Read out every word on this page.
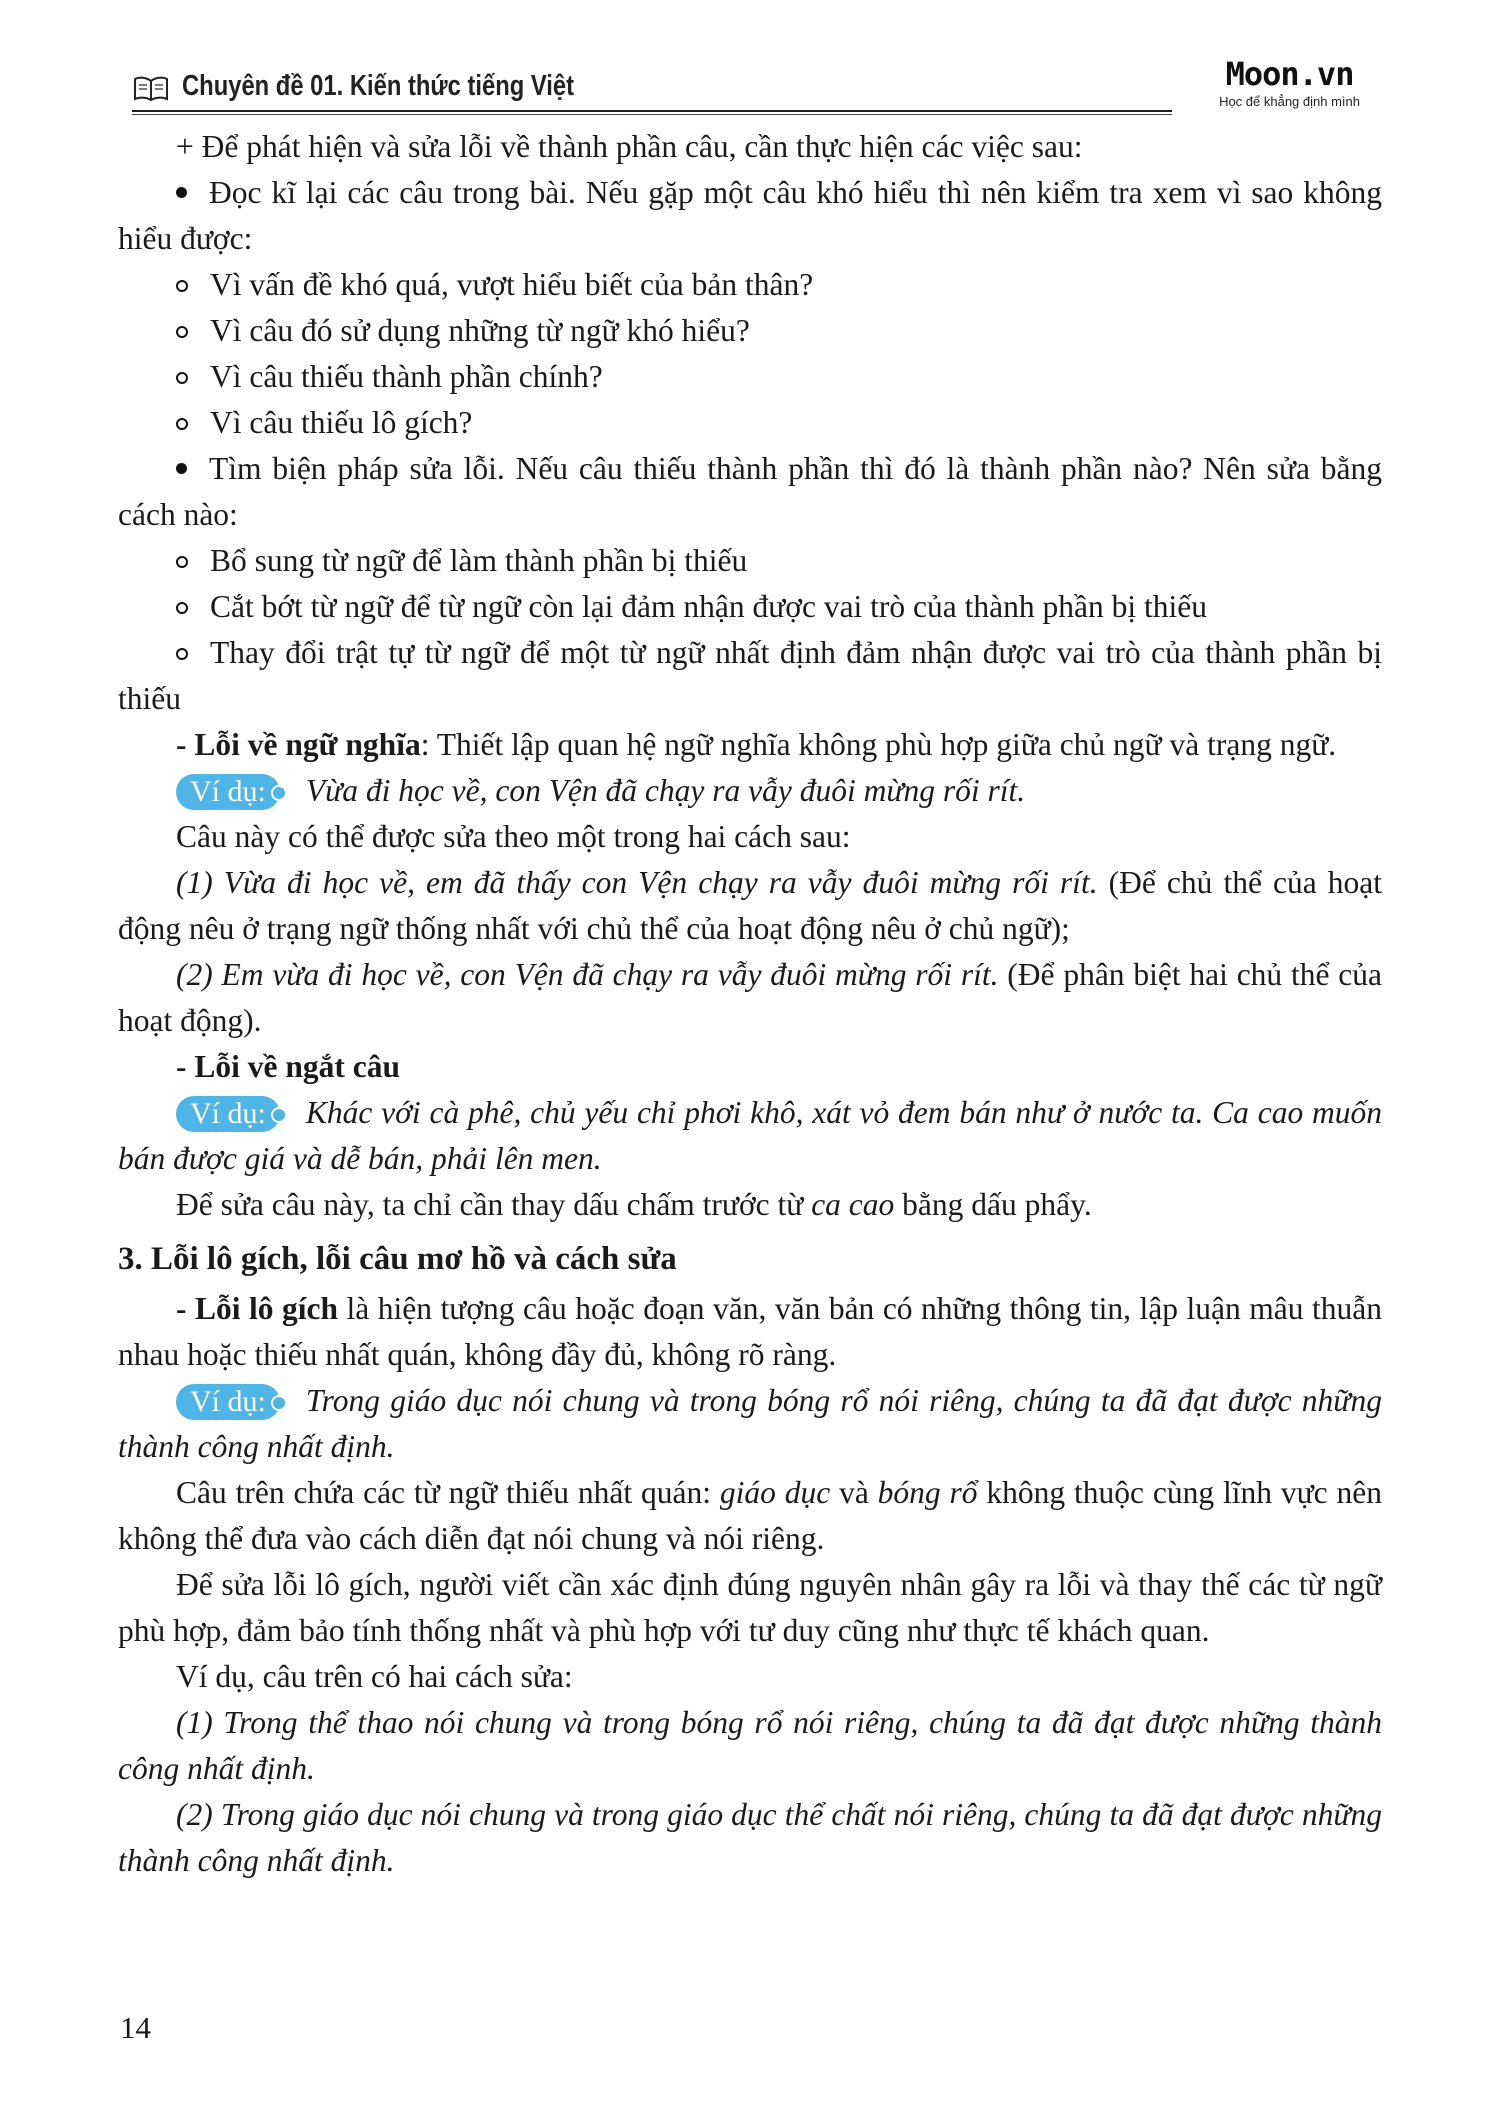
Chuyên đề 01. Kiến thức tiếng Việt	Moon.vn
Học để khẳng định mình

+ Để phát hiện và sửa lỗi về thành phần câu, cần thực hiện các việc sau:

Đọc kĩ lại các câu trong bài. Nếu gặp một câu khó hiểu thì nên kiểm tra xem vì sao không hiểu được:

Vì vấn đề khó quá, vượt hiểu biết của bản thân?

Vì câu đó sử dụng những từ ngữ khó hiểu?

Vì câu thiếu thành phần chính?

Vì câu thiếu lô gích?

Tìm biện pháp sửa lỗi. Nếu câu thiếu thành phần thì đó là thành phần nào? Nên sửa bằng cách nào:

Bổ sung từ ngữ để làm thành phần bị thiếu

Cắt bớt từ ngữ để từ ngữ còn lại đảm nhận được vai trò của thành phần bị thiếu

Thay đổi trật tự từ ngữ để một từ ngữ nhất định đảm nhận được vai trò của thành phần bị thiếu

- Lỗi về ngữ nghĩa: Thiết lập quan hệ ngữ nghĩa không phù hợp giữa chủ ngữ và trạng ngữ.

Ví dụ: Vừa đi học về, con Vện đã chạy ra vẫy đuôi mừng rối rít.

Câu này có thể được sửa theo một trong hai cách sau:

(1) Vừa đi học về, em đã thấy con Vện chạy ra vẫy đuôi mừng rối rít. (Để chủ thể của hoạt động nêu ở trạng ngữ thống nhất với chủ thể của hoạt động nêu ở chủ ngữ);

(2) Em vừa đi học về, con Vện đã chạy ra vẫy đuôi mừng rối rít. (Để phân biệt hai chủ thể của hoạt động).

- Lỗi về ngắt câu

Ví dụ: Khác với cà phê, chủ yếu chỉ phơi khô, xát vỏ đem bán như ở nước ta. Ca cao muốn bán được giá và dễ bán, phải lên men.

Để sửa câu này, ta chỉ cần thay dấu chấm trước từ ca cao bằng dấu phẩy.

3. Lỗi lô gích, lỗi câu mơ hồ và cách sửa

- Lỗi lô gích là hiện tượng câu hoặc đoạn văn, văn bản có những thông tin, lập luận mâu thuẫn nhau hoặc thiếu nhất quán, không đầy đủ, không rõ ràng.

Ví dụ: Trong giáo dục nói chung và trong bóng rổ nói riêng, chúng ta đã đạt được những thành công nhất định.

Câu trên chứa các từ ngữ thiếu nhất quán: giáo dục và bóng rổ không thuộc cùng lĩnh vực nên không thể đưa vào cách diễn đạt nói chung và nói riêng.

Để sửa lỗi lô gích, người viết cần xác định đúng nguyên nhân gây ra lỗi và thay thế các từ ngữ phù hợp, đảm bảo tính thống nhất và phù hợp với tư duy cũng như thực tế khách quan.

Ví dụ, câu trên có hai cách sửa:

(1) Trong thể thao nói chung và trong bóng rổ nói riêng, chúng ta đã đạt được những thành công nhất định.

(2) Trong giáo dục nói chung và trong giáo dục thể chất nói riêng, chúng ta đã đạt được những thành công nhất định.

14
